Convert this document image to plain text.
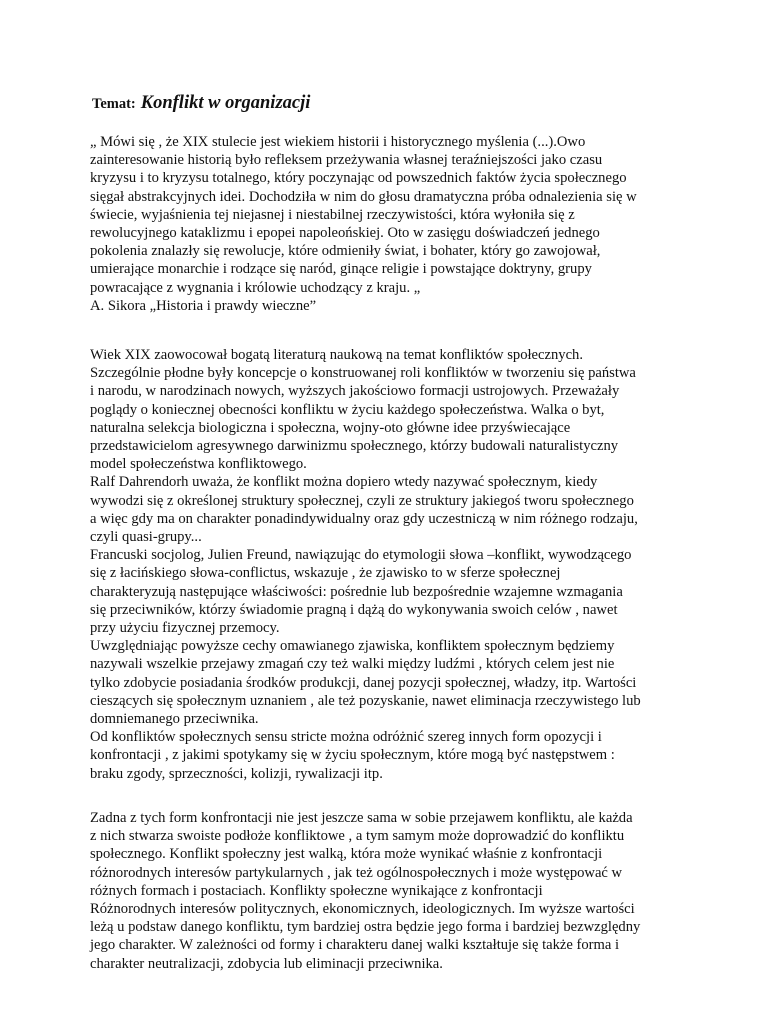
Temat: Konflikt w organizacji
„ Mówi się , że XIX stulecie jest wiekiem historii i historycznego myślenia (...).Owo
zainteresowanie historią było refleksem przeżywania własnej teraźniejszości jako czasu
kryzysu i to kryzysu totalnego, który poczynając od powszednich faktów życia społecznego
sięgał abstrakcyjnych idei. Dochodziła w nim do głosu dramatyczna próba odnalezienia się w
świecie, wyjaśnienia tej niejasnej i niestabilnej rzeczywistości, która wyłoniła się z
rewolucyjnego kataklizmu i epopei napoleońskiej. Oto w zasięgu doświadczeń jednego
pokolenia znalazły się rewolucje, które odmieniły świat, i bohater, który go zawojował,
umierające monarchie i rodzące się naród, ginące religie i powstające doktryny, grupy
powracające z wygnania i królowie uchodzący z kraju. „
A. Sikora „Historia i prawdy wieczne”
Wiek XIX zaowocował bogatą literaturą naukową na temat konfliktów społecznych.
Szczególnie płodne były koncepcje o konstruowanej roli konfliktów w tworzeniu się państwa
i narodu, w narodzinach nowych, wyższych jakościowo formacji ustrojowych. Przeważały
poglądy o koniecznej obecności konfliktu w życiu każdego społeczeństwa. Walka o byt,
naturalna selekcja biologiczna i społeczna, wojny-oto główne idee przyświecające
przedstawicielom agresywnego darwinizmu społecznego, którzy budowali naturalistyczny
model społeczeństwa konfliktowego.
Ralf Dahrendorh uważa, że konflikt można dopiero wtedy nazywać społecznym, kiedy
wywodzi się z określonej struktury społecznej, czyli ze struktury jakiegoś tworu społecznego
a więc gdy ma on charakter ponadindywidualny oraz gdy uczestniczą w nim różnego rodzaju,
czyli quasi-grupy...
Francuski socjolog, Julien Freund, nawiązując do etymologii słowa –konflikt, wywodzącego
się z łacińskiego słowa-conflictus, wskazuje , że zjawisko to w sferze społecznej
charakteryzują następujące właściwości: pośrednie lub bezpośrednie wzajemne wzmagania
się przeciwników, którzy świadomie pragną i dążą do wykonywania swoich celów , nawet
przy użyciu fizycznej przemocy.
Uwzględniając powyższe cechy omawianego zjawiska, konfliktem społecznym będziemy
nazywali wszelkie przejawy zmagań czy też walki między ludźmi , których celem jest nie
tylko zdobycie posiadania środków produkcji, danej pozycji społecznej, władzy, itp. Wartości
cieszących się społecznym uznaniem , ale też pozyskanie, nawet eliminacja rzeczywistego lub
domniemanego przeciwnika.
Od konfliktów społecznych sensu stricte można odróżnić szereg innych form opozycji i
konfrontacji , z jakimi spotykamy się w życiu społecznym, które mogą być następstwem :
braku zgody, sprzeczności, kolizji, rywalizacji itp.
Zadna z tych form konfrontacji nie jest jeszcze sama w sobie przejawem konfliktu, ale każda
z nich stwarza swoiste podłoże konfliktowe , a tym samym może doprowadzić do konfliktu
społecznego. Konflikt społeczny jest walką, która może wynikać właśnie z konfrontacji
różnorodnych interesów partykularnych , jak też ogólnospołecznych i może występować w
różnych formach i postaciach. Konflikty społeczne wynikające z konfrontacji
Różnorodnych interesów politycznych, ekonomicznych, ideologicznych. Im wyższe wartości
leżą u podstaw danego konfliktu, tym bardziej ostra będzie jego forma i bardziej bezwzględny
jego charakter. W zależności od formy i charakteru danej walki kształtuje się także forma i
charakter neutralizacji, zdobycia lub eliminacji przeciwnika.
